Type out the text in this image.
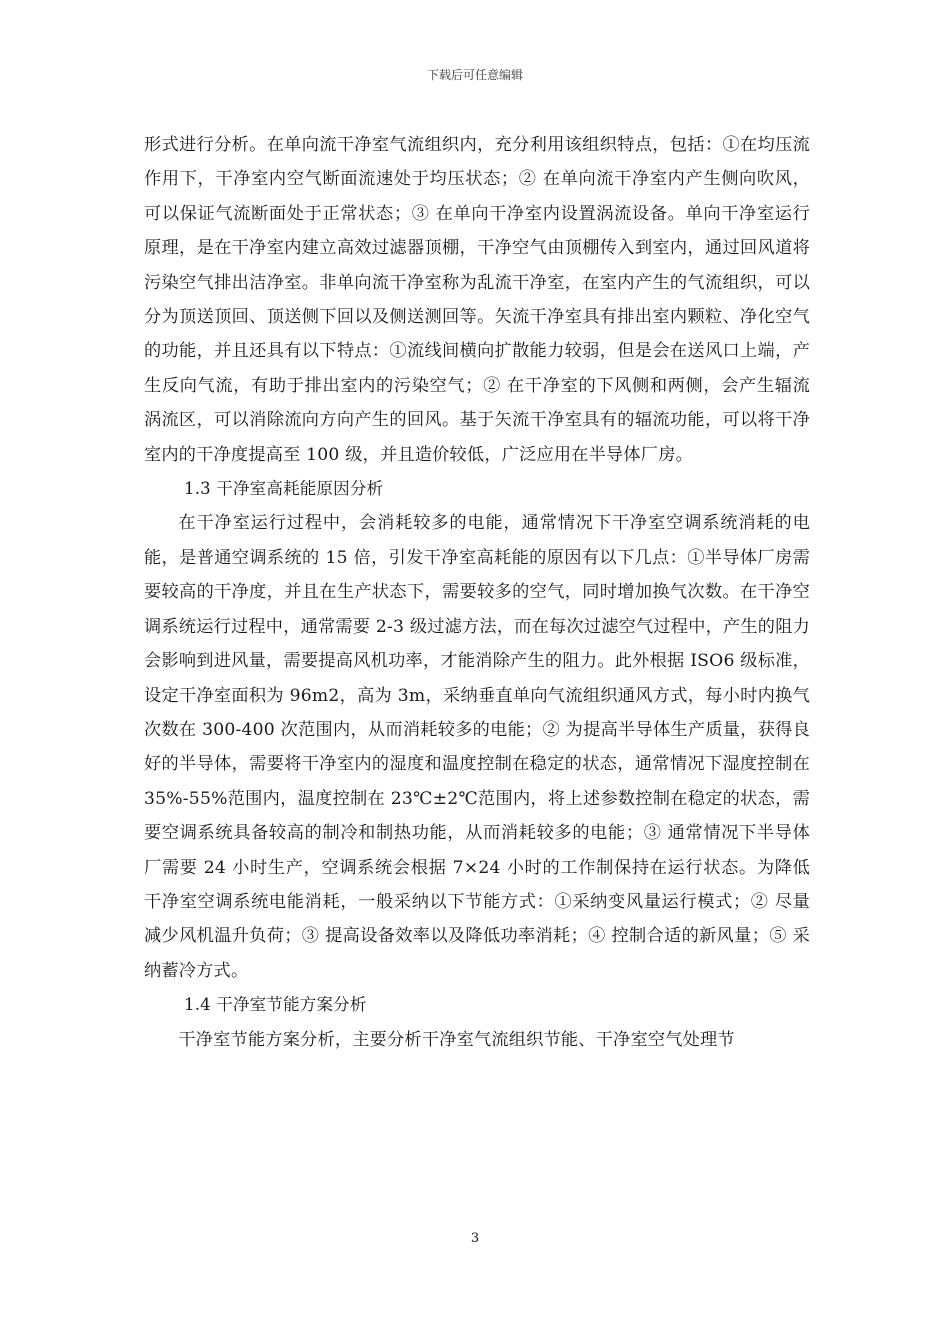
下载后可任意编辑

形式进行分析。在单向流干净室气流组织内，充分利用该组织特点，包括：①在均压流作用下，干净室内空气断面流速处于均压状态；② 在单向流干净室内产生侧向吹风，可以保证气流断面处于正常状态；③ 在单向干净室内设置涡流设备。单向干净室运行原理，是在干净室内建立高效过滤器顶棚，干净空气由顶棚传入到室内，通过回风道将污染空气排出洁净室。非单向流干净室称为乱流干净室，在室内产生的气流组织，可以分为顶送顶回、顶送侧下回以及侧送测回等。矢流干净室具有排出室内颗粒、净化空气的功能，并且还具有以下特点：①流线间横向扩散能力较弱，但是会在送风口上端，产生反向气流，有助于排出室内的污染空气；② 在干净室的下风侧和两侧，会产生辐流涡流区，可以消除流向方向产生的回风。基于矢流干净室具有的辐流功能，可以将干净室内的干净度提高至 100 级，并且造价较低，广泛应用在半导体厂房。

1.3 干净室高耗能原因分析

在干净室运行过程中，会消耗较多的电能，通常情况下干净室空调系统消耗的电能，是普通空调系统的 15 倍，引发干净室高耗能的原因有以下几点：①半导体厂房需要较高的干净度，并且在生产状态下，需要较多的空气，同时增加换气次数。在干净空调系统运行过程中，通常需要 2-3 级过滤方法，而在每次过滤空气过程中，产生的阻力会影响到进风量，需要提高风机功率，才能消除产生的阻力。此外根据 ISO6 级标准，设定干净室面积为 96m2，高为 3m，采纳垂直单向气流组织通风方式，每小时内换气次数在 300-400 次范围内，从而消耗较多的电能；② 为提高半导体生产质量，获得良好的半导体，需要将干净室内的湿度和温度控制在稳定的状态，通常情况下湿度控制在 35%-55%范围内，温度控制在 23℃±2℃范围内，将上述参数控制在稳定的状态，需要空调系统具备较高的制冷和制热功能，从而消耗较多的电能；③ 通常情况下半导体厂需要 24 小时生产，空调系统会根据 7×24 小时的工作制保持在运行状态。为降低干净室空调系统电能消耗，一般采纳以下节能方式：①采纳变风量运行模式；② 尽量减少风机温升负荷；③ 提高设备效率以及降低功率消耗；④ 控制合适的新风量；⑤ 采纳蓄冷方式。

1.4 干净室节能方案分析

干净室节能方案分析，主要分析干净室气流组织节能、干净室空气处理节

3
